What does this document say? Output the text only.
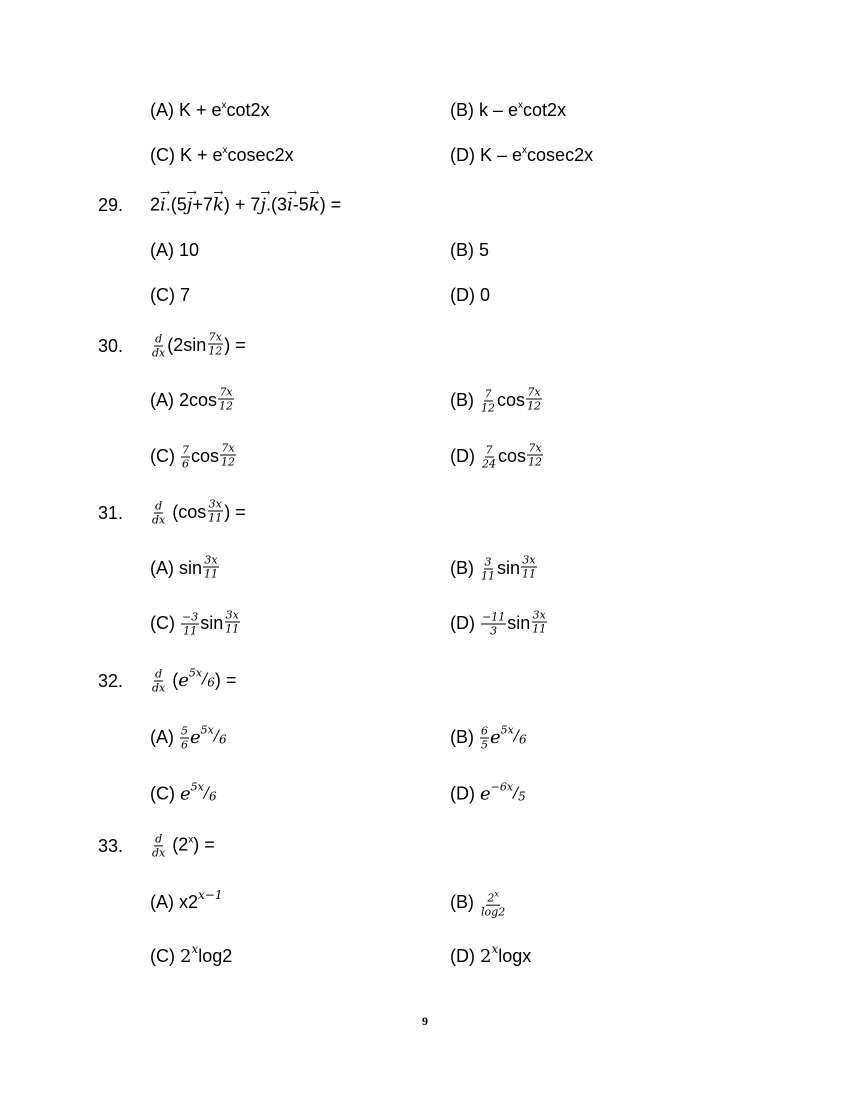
(A) $K + e^x\cot 2x$	(B) k – $e^x\cot 2x$
(C) $K + e^xcosec2x$	(D) K – $e^xcosec2x$
29. 2i →.(5j →+7k →) + 7j →.(3i →-5k →) =
(A) 10	(B) 5
(C) 7	(D) 0
30.	$\frac{d}{dx} (2\sin \frac{7x}{12}$ ) =
(A) $2\cos \frac{7x}{12}$	$(B) \frac{7}{12}$ $\cos \frac{7x}{12}$
$(C) \frac{7}{6}$ $\cos \frac{7x}{12}$	$(D) \frac{7}{24}$ $\cos \frac{7x}{12}$
31.	$\frac{d}{dx} (\cos \frac{3x}{11}$ ) =
(A) $\sin \frac{3x}{11}$	$(B) \frac{3}{11}$ $\sin \frac{3x}{11}$
$(C) \frac{-3}{11}$ $\sin \frac{3x}{11}$	$(D) \frac{-11}{3}$ $\sin \frac{3x}{11}$
32.	$\frac{d}{dx} (e^{5x}/6)$ =
$(A) \frac{5}{6} e^{5x}/6$	$(B) \frac{6}{5} e^{5x}/6$
(C) $e^{5x}/6$	(D) $e^{-6x}/5$
33.	$\frac{d}{dx} (2^x)$ =
(A) $x2^{x-1}$	$(B) \frac{2^x}{\log 2}$
(C) 2$^x$log2	(D) 2$^x$logx
9
